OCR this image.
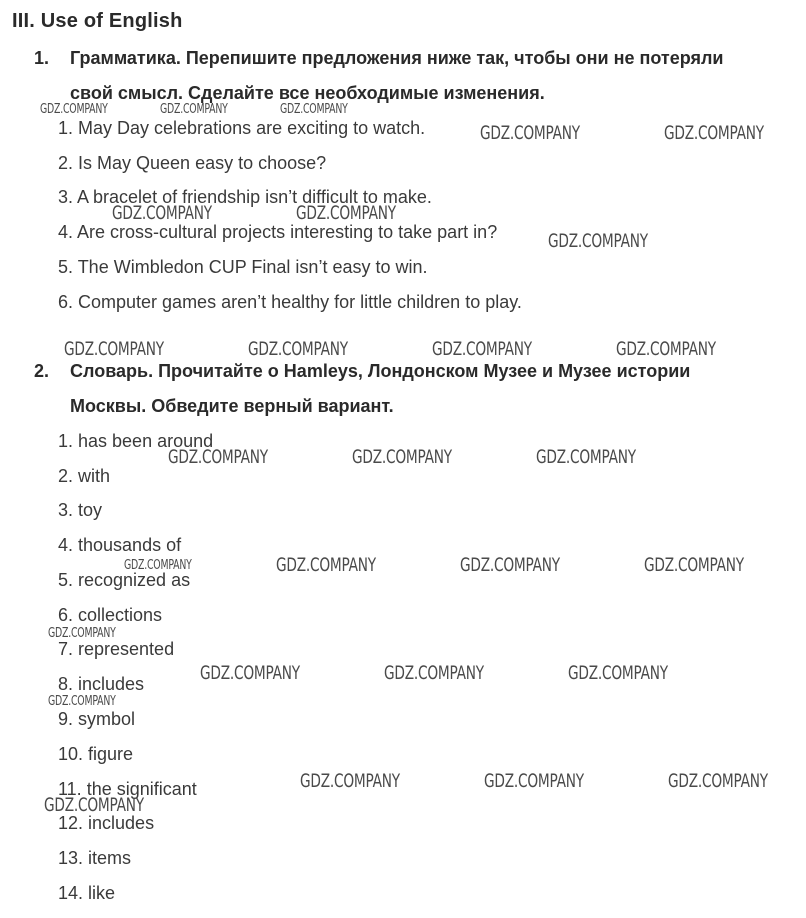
III. Use of English
1. Грамматика. Перепишите предложения ниже так, чтобы они не потеряли
свой смысл. Сделайте все необходимые изменения.
1. May Day celebrations are exciting to watch.
2. Is May Queen easy to choose?
3. A bracelet of friendship isn’t difficult to make.
4. Are cross-cultural projects interesting to take part in?
5. The Wimbledon CUP Final isn’t easy to win.
6. Computer games aren’t healthy for little children to play.
2. Словарь. Прочитайте о Hamleys, Лондонском Музее и Музее истории
Москвы. Обведите верный вариант.
1. has been around
2. with
3. toy
4. thousands of
5. recognized as
6. collections
7. represented
8. includes
9. symbol
10. figure
11. the significant
12. includes
13. items
14. like
GDZ.COMPANY	GDZ.COMPANY	GDZ.COMPANY
GDZ.COMPANY	GDZ.COMPANY
GDZ.COMPANY	GDZ.COMPANY
GDZ.COMPANY
GDZ.COMPANY	GDZ.COMPANY	GDZ.COMPANY	GDZ.COMPANY
GDZ.COMPANY	GDZ.COMPANY	GDZ.COMPANY
GDZ.COMPANY	GDZ.COMPANY	GDZ.COMPANY	GDZ.COMPANY
GDZ.COMPANY
GDZ.COMPANY	GDZ.COMPANY	GDZ.COMPANY
GDZ.COMPANY
GDZ.COMPANY	GDZ.COMPANY	GDZ.COMPANY
GDZ.COMPANY
